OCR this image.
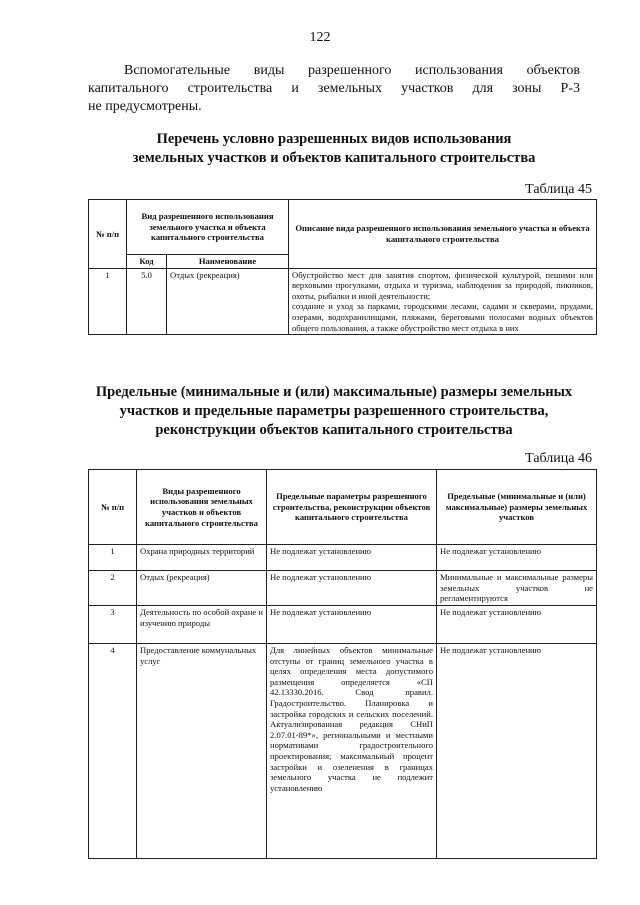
122
Вспомогательные виды разрешенного использования объектов
капитального строительства и земельных участков для зоны Р-3
не предусмотрены.
Перечень условно разрешенных видов использования
земельных участков и объектов капитального строительства
Таблица 45
№ п/п	Вид разрешенного использования земельного участка и объекта капитального строительства		Описание вида разрешенного использования земельного участка и объекта капитального строительства
	Код	Наименование	
1	5.0	Отдых (рекреация)	Обустройство мест для занятия спортом, физической культурой, пешими или верховыми прогулками, отдыха и туризма, наблюдения за природой, пикников, охоты, рыбалки и иной деятельности;
создание и уход за парками, городскими лесами, садами и скверами, прудами, озерами, водохранилищами, пляжами, береговыми полосами водных объектов общего пользования, а также обустройство мест отдыха в них
Предельные (минимальные и (или) максимальные) размеры земельных
участков и предельные параметры разрешенного строительства,
реконструкции объектов капитального строительства
Таблица 46
№ п/п	Виды разрешенного использования земельных участков и объектов капитального строительства	Предельные параметры разрешенного строительства, реконструкции объектов капитального строительства	Предельные (минимальные и (или) максимальные) размеры земельных участков
1	Охрана природных территорий	Не подлежат установлению	Не подлежат установлению
2	Отдых (рекреация)	Не подлежат установлению	Минимальные и максимальные размеры земельных участков не регламентируются
3	Деятельность по особой охране и изучению природы	Не подлежат установлению	Не подлежат установлению
4	Предоставление коммунальных услуг	Для линейных объектов минимальные отступы от границ земельного участка в целях определения места допустимого размещения определяется «СП 42.13330.2016. Свод правил. Градостроительство. Планировка и застройка городских и сельских поселений. Актуализированная редакция СНиП 2.07.01-89*», региональными и местными нормативами градостроительного проектирования; максимальный процент застройки и озеленения в границах земельного участка не подлежит установлению	Не подлежат установлению
